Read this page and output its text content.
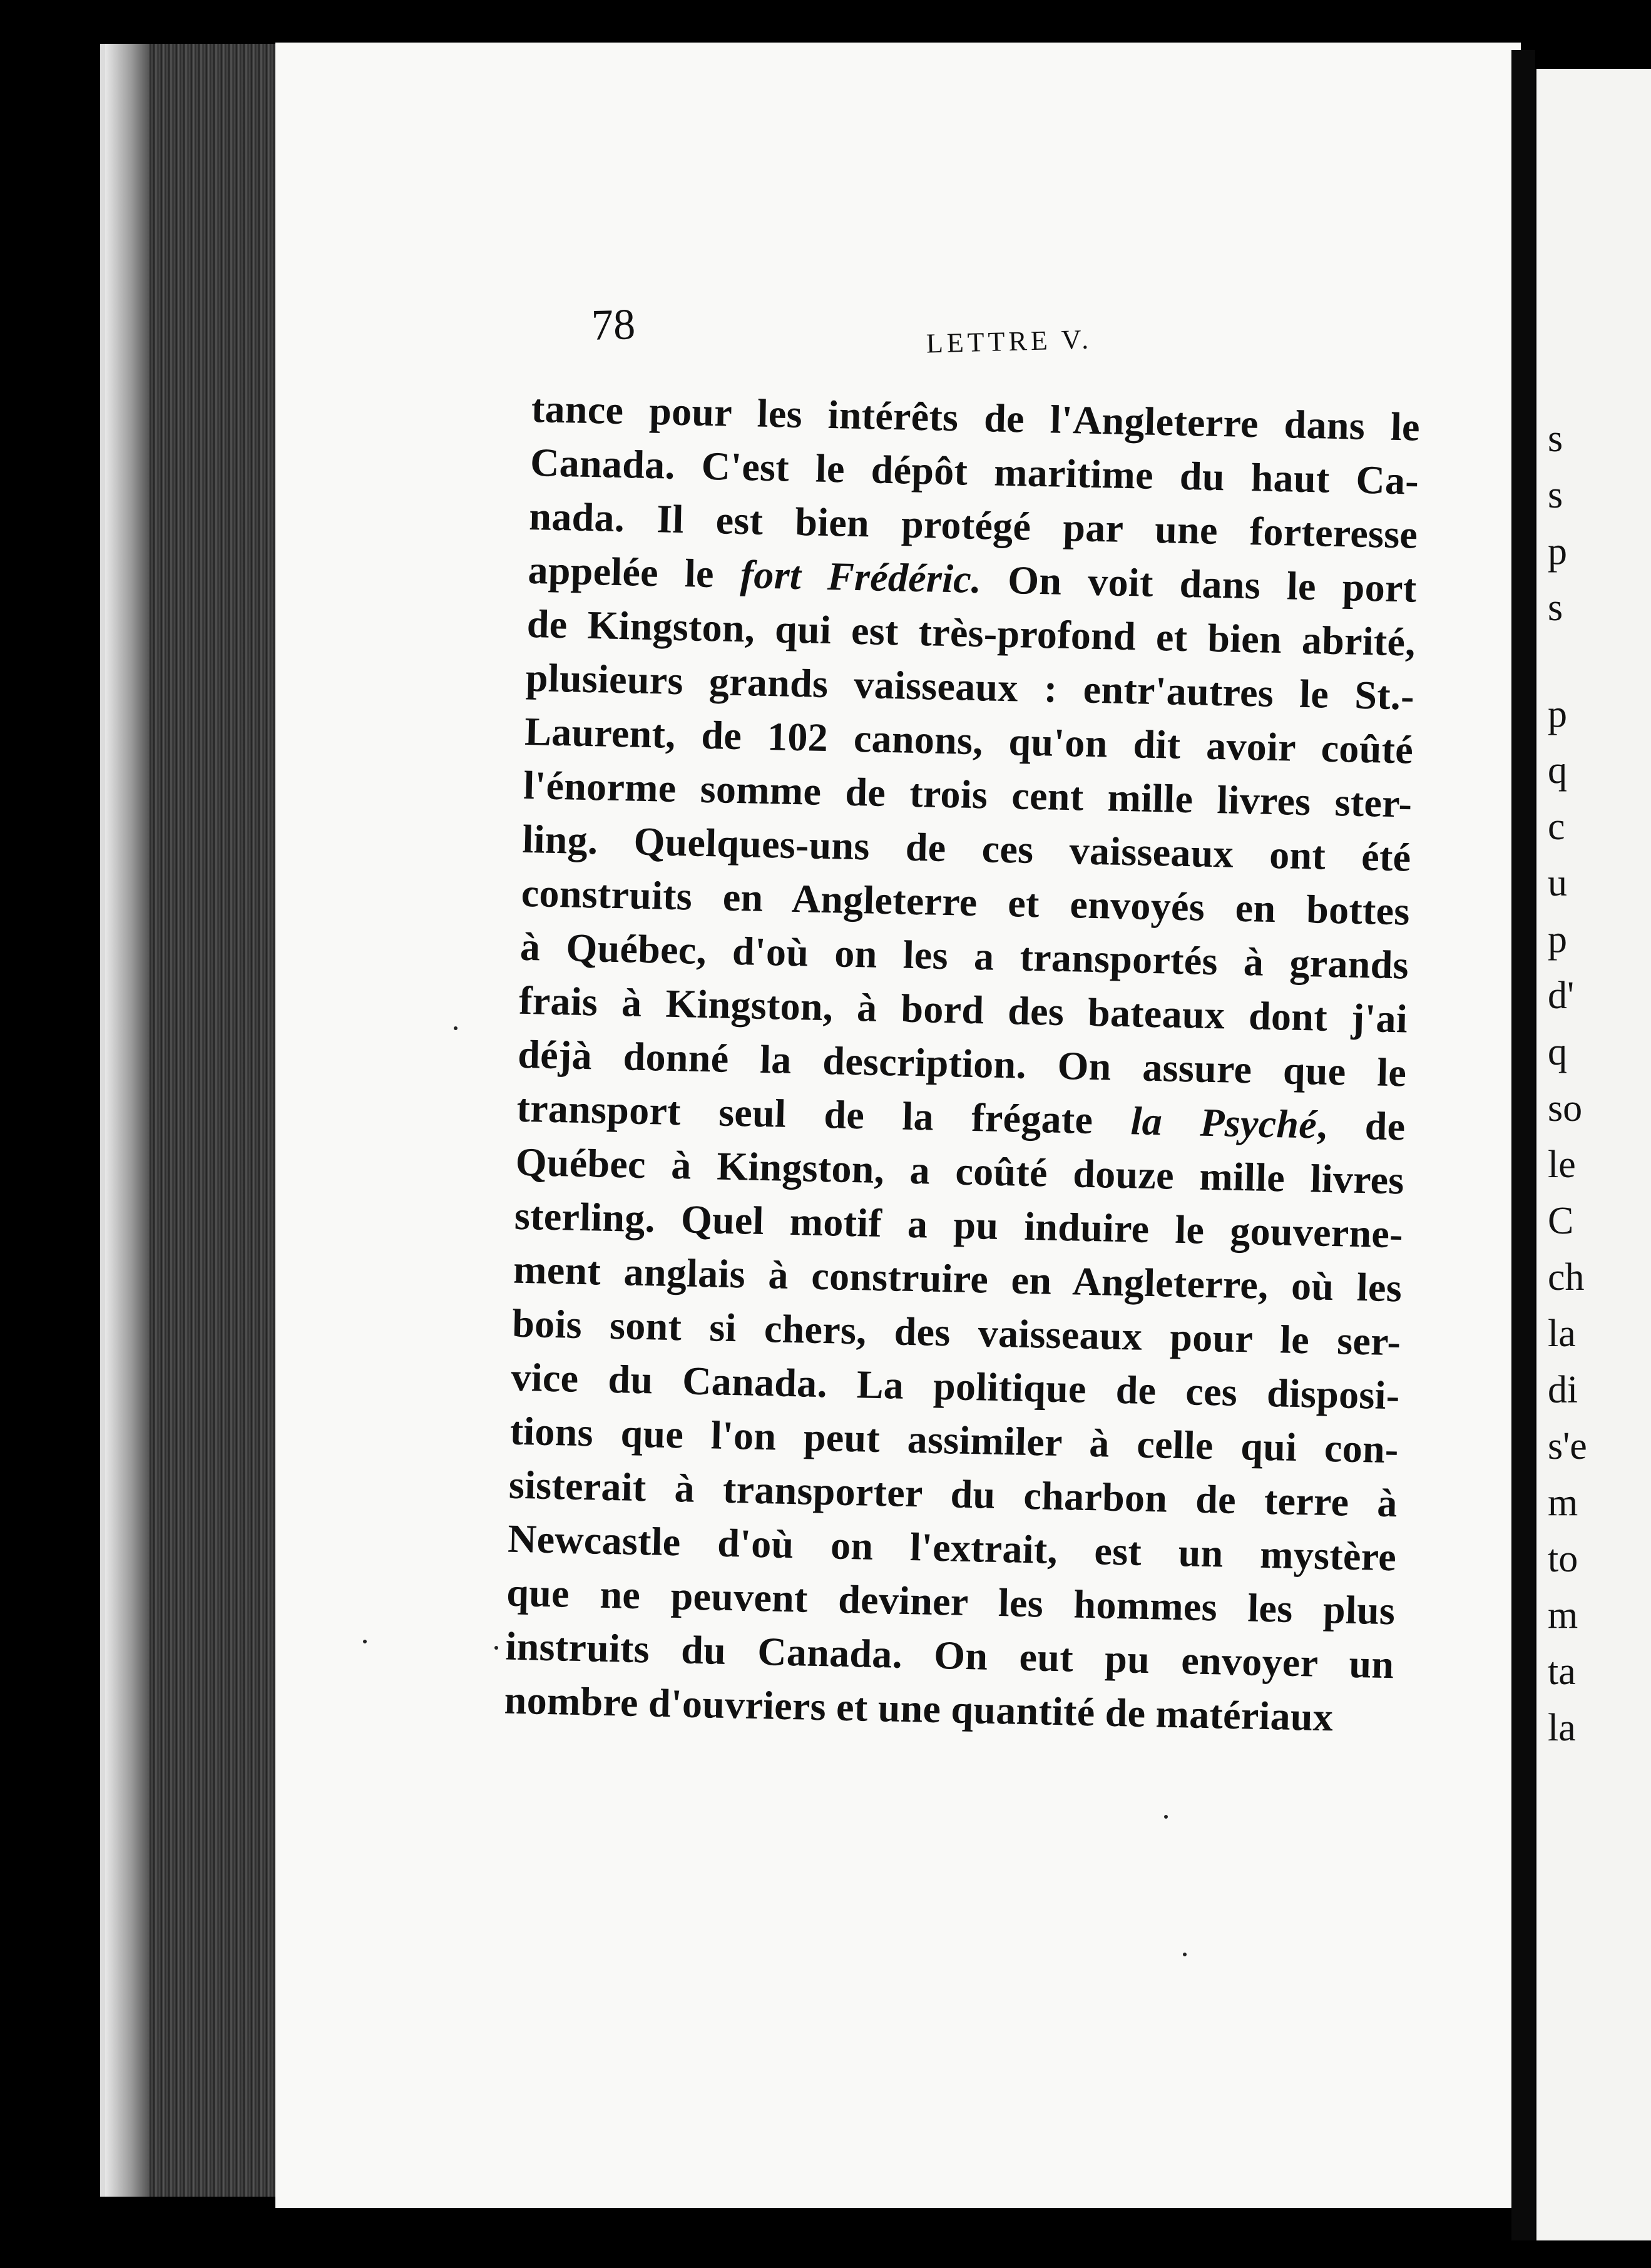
78	LETTRE V.
tance pour les intérêts de l'Angleterre dans le
Canada. C'est le dépôt maritime du haut Ca-
nada. Il est bien protégé par une forteresse
appelée le fort Frédéric. On voit dans le port
de Kingston, qui est très-profond et bien abrité,
plusieurs grands vaisseaux : entr'autres le St.-
Laurent, de 102 canons, qu'on dit avoir coûté
l'énorme somme de trois cent mille livres ster-
ling. Quelques-uns de ces vaisseaux ont été
construits en Angleterre et envoyés en bottes
à Québec, d'où on les a transportés à grands
frais à Kingston, à bord des bateaux dont j'ai
déjà donné la description. On assure que le
transport seul de la frégate la Psyché, de
Québec à Kingston, a coûté douze mille livres
sterling. Quel motif a pu induire le gouverne-
ment anglais à construire en Angleterre, où les
bois sont si chers, des vaisseaux pour le ser-
vice du Canada. La politique de ces disposi-
tions que l'on peut assimiler à celle qui con-
sisterait à transporter du charbon de terre à
Newcastle d'où on l'extrait, est un mystère
que ne peuvent deviner les hommes les plus
instruits du Canada. On eut pu envoyer un
nombre d'ouvriers et une quantité de matériaux
s
s
p
s
p
q
c
u
p
d'
q
so
le
C
ch
la
di
s'e
m
to
m
ta
la
